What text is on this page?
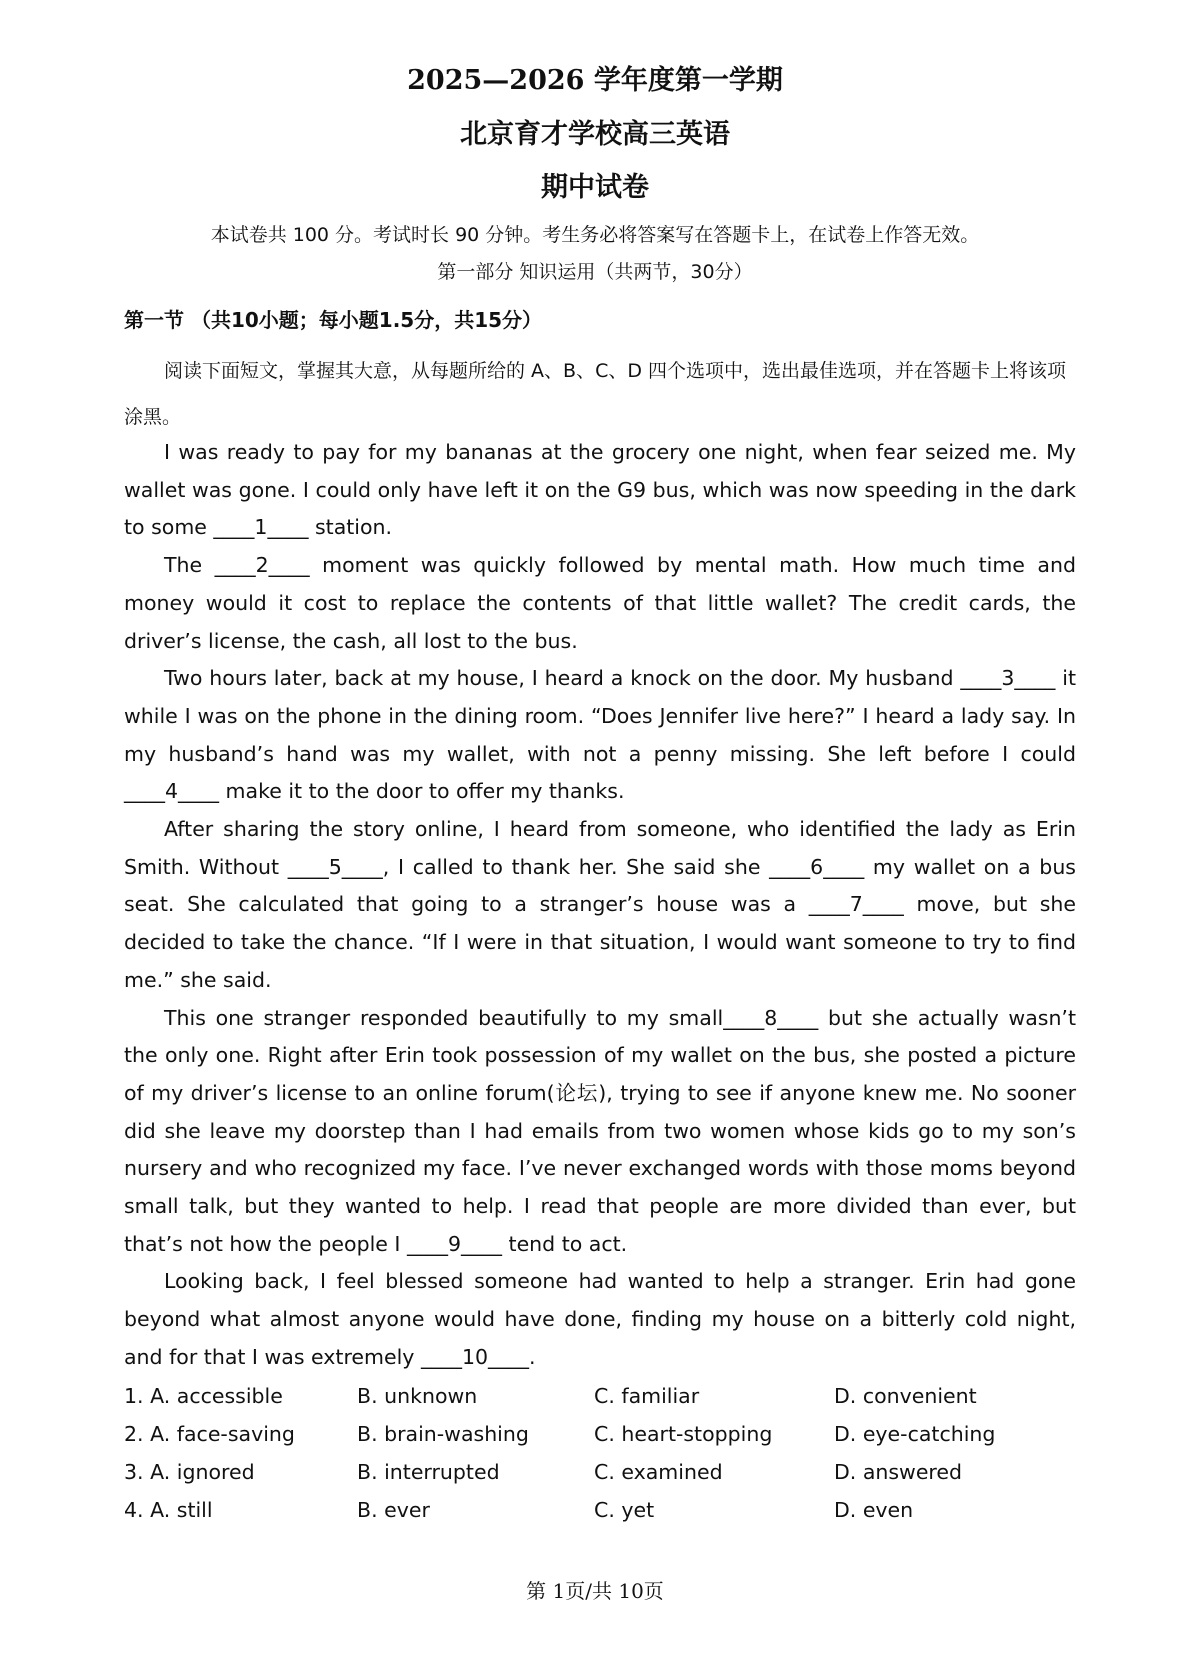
2025—2026 学年度第一学期
北京育才学校高三英语
期中试卷
本试卷共 100 分。考试时长 90 分钟。考生务必将答案写在答题卡上，在试卷上作答无效。
第一部分 知识运用（共两节，30分）
第一节 （共10小题；每小题1.5分，共15分）

阅读下面短文，掌握其大意，从每题所给的 A、B、C、D 四个选项中，选出最佳选项，并在答题卡上将该项涂黑。

I was ready to pay for my bananas at the grocery one night, when fear seized me. My wallet was gone. I could only have left it on the G9 bus, which was now speeding in the dark to some ____1____ station.

The ____2____ moment was quickly followed by mental math. How much time and money would it cost to replace the contents of that little wallet? The credit cards, the driver’s license, the cash, all lost to the bus.

Two hours later, back at my house, I heard a knock on the door. My husband ____3____ it while I was on the phone in the dining room. “Does Jennifer live here?” I heard a lady say. In my husband’s hand was my wallet, with not a penny missing. She left before I could ____4____ make it to the door to offer my thanks.

After sharing the story online, I heard from someone, who identified the lady as Erin Smith. Without ____5____, I called to thank her. She said she ____6____ my wallet on a bus seat. She calculated that going to a stranger’s house was a ____7____ move, but she decided to take the chance. “If I were in that situation, I would want someone to try to find me.” she said.

This one stranger responded beautifully to my small____8____ but she actually wasn’t the only one. Right after Erin took possession of my wallet on the bus, she posted a picture of my driver’s license to an online forum(论坛), trying to see if anyone knew me. No sooner did she leave my doorstep than I had emails from two women whose kids go to my son’s nursery and who recognized my face. I’ve never exchanged words with those moms beyond small talk, but they wanted to help. I read that people are more divided than ever, but that’s not how the people I ____9____ tend to act.

Looking back, I feel blessed someone had wanted to help a stranger. Erin had gone beyond what almost anyone would have done, finding my house on a bitterly cold night, and for that I was extremely ____10____.

1. A. accessible	B. unknown	C. familiar	D. convenient
2. A. face-saving	B. brain-washing	C. heart-stopping	D. eye-catching
3. A. ignored	B. interrupted	C. examined	D. answered
4. A. still	B. ever	C. yet	D. even
第 1页/共 10页
